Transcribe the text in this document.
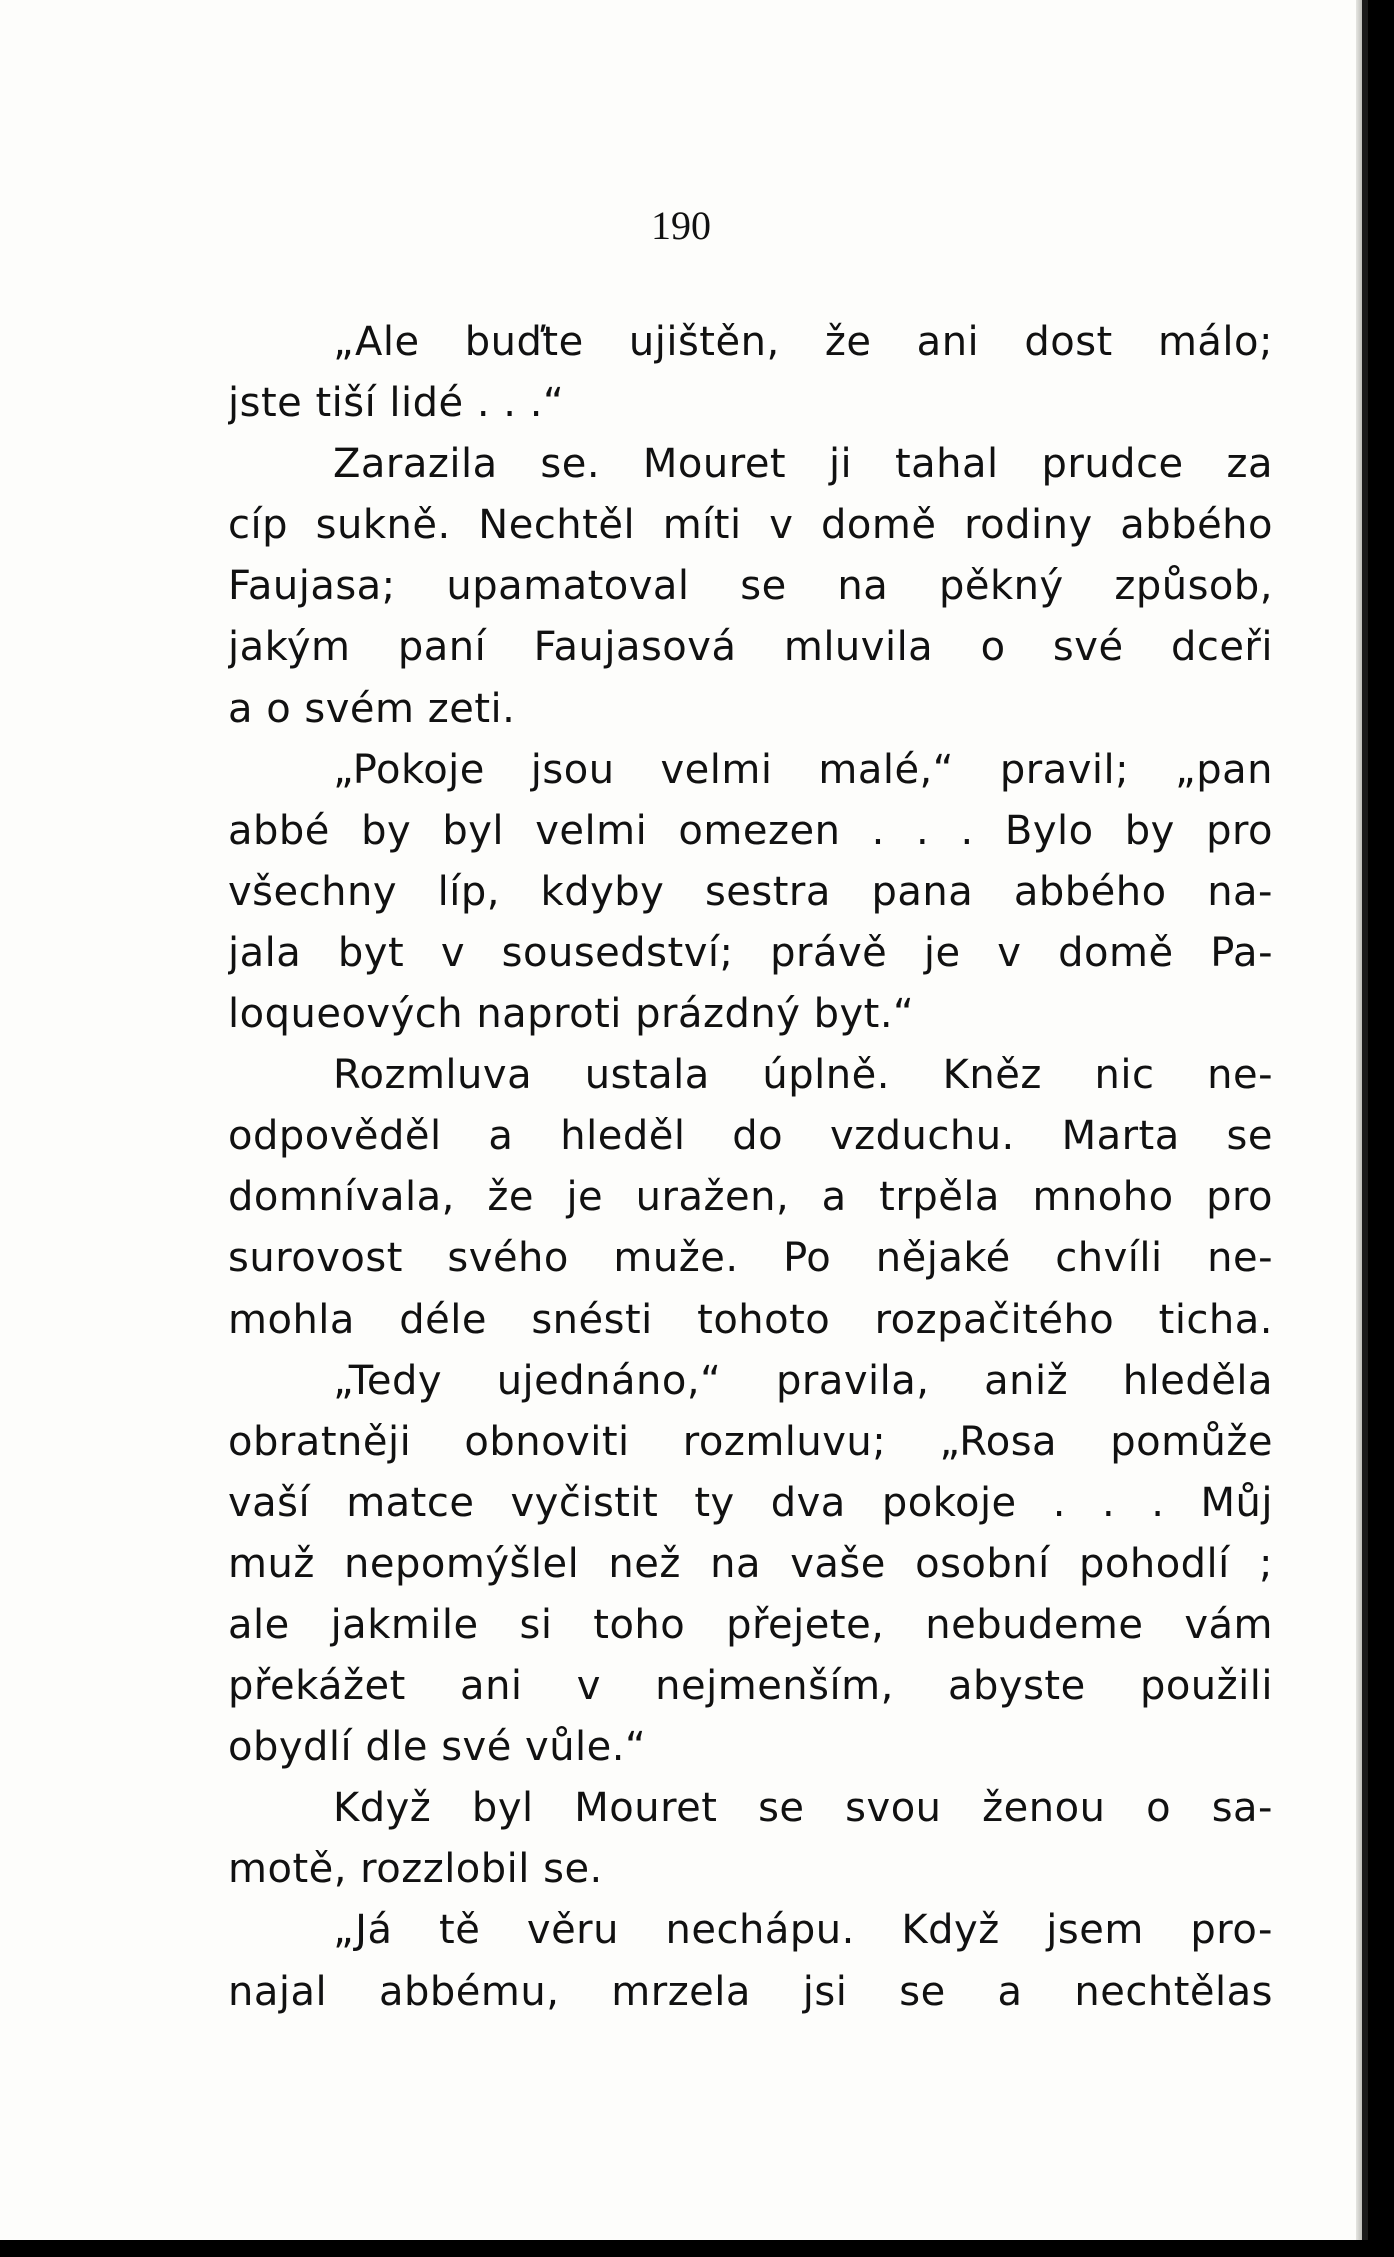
190

„Ale buďte ujištěn, že ani dost málo;
jste tiší lidé . . .“
Zarazila se. Mouret ji tahal prudce za
cíp sukně. Nechtěl míti v domě rodiny abbého
Faujasa; upamatoval se na pěkný způsob,
jakým paní Faujasová mluvila o své dceři
a o svém zeti.
„Pokoje jsou velmi malé,“ pravil; „pan
abbé by byl velmi omezen . . . Bylo by pro
všechny líp, kdyby sestra pana abbého na-
jala byt v sousedství; právě je v domě Pa-
loqueových naproti prázdný byt.“
Rozmluva ustala úplně. Kněz nic ne-
odpověděl a hleděl do vzduchu. Marta se
domnívala, že je uražen, a trpěla mnoho pro
surovost svého muže. Po nějaké chvíli ne-
mohla déle snésti tohoto rozpačitého ticha.
„Tedy ujednáno,“ pravila, aniž hleděla
obratněji obnoviti rozmluvu; „Rosa pomůže
vaší matce vyčistit ty dva pokoje . . . Můj
muž nepomýšlel než na vaše osobní pohodlí ;
ale jakmile si toho přejete, nebudeme vám
překážet ani v nejmenším, abyste použili
obydlí dle své vůle.“
Když byl Mouret se svou ženou o sa-
motě, rozzlobil se.
„Já tě věru nechápu. Když jsem pro-
najal abbému, mrzela jsi se a nechtělas
